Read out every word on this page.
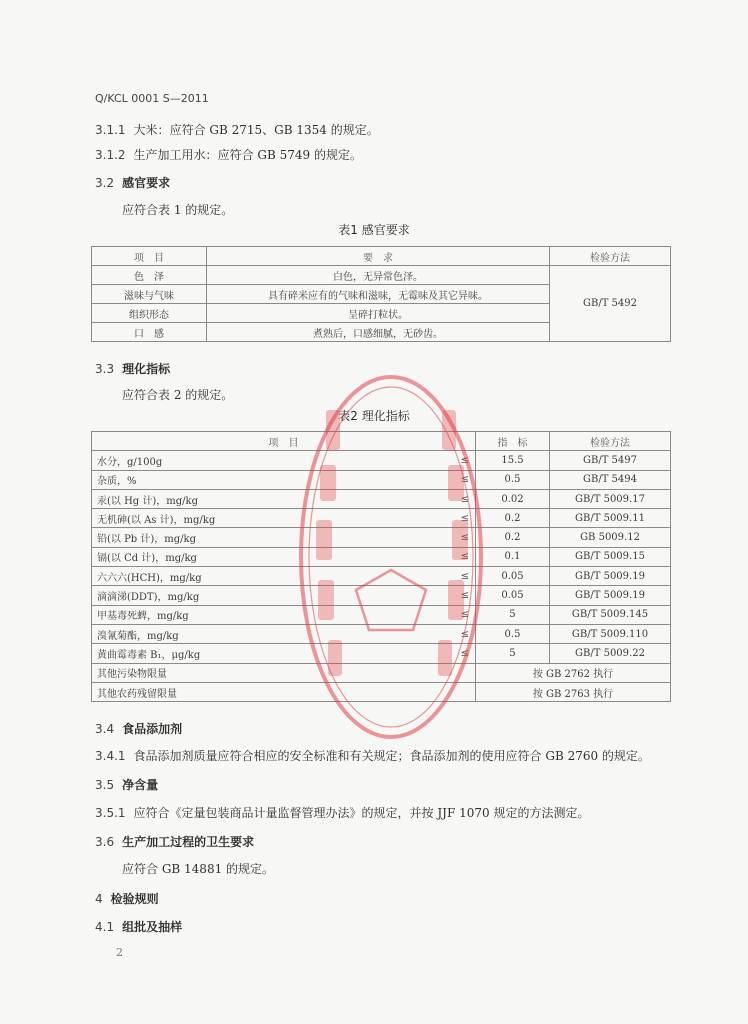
Q/KCL 0001 S—2011
3.1.1 大米：应符合 GB 2715、GB 1354 的规定。
3.1.2 生产加工用水：应符合 GB 5749 的规定。
3.2 感官要求
应符合表 1 的规定。
表1 感官要求
项　目	要　求	检验方法
色　泽	白色，无异常色泽。	GB/T 5492
滋味与气味	具有碎米应有的气味和滋味，无霉味及其它异味。	
组织形态	呈碎打粒状。	
口　感	煮熟后，口感细腻，无砂齿。	
3.3 理化指标
应符合表 2 的规定。
表2 理化指标
项　目		指　标	检验方法
水分，g/100g	≤	15.5	GB/T 5497
杂质，%	≤	0.5	GB/T 5494
汞(以 Hg 计)，mg/kg	≤	0.02	GB/T 5009.17
无机砷(以 As 计)，mg/kg	≤	0.2	GB/T 5009.11
铅(以 Pb 计)，mg/kg	≤	0.2	GB 5009.12
镉(以 Cd 计)，mg/kg	≤	0.1	GB/T 5009.15
六六六(HCH)，mg/kg	≤	0.05	GB/T 5009.19
滴滴涕(DDT)，mg/kg	≤	0.05	GB/T 5009.19
甲基毒死蜱，mg/kg	≤	5	GB/T 5009.145
溴氰菊酯，mg/kg	≤	0.5	GB/T 5009.110
黄曲霉毒素 B₁，μg/kg	≤	5	GB/T 5009.22
其他污染物限量		按 GB 2762 执行	
其他农药残留限量		按 GB 2763 执行	
3.4 食品添加剂
3.4.1 食品添加剂质量应符合相应的安全标准和有关规定；食品添加剂的使用应符合 GB 2760 的规定。
3.5 净含量
3.5.1 应符合《定量包装商品计量监督管理办法》的规定，并按 JJF 1070 规定的方法测定。
3.6 生产加工过程的卫生要求
应符合 GB 14881 的规定。
4 检验规则
4.1 组批及抽样
2
